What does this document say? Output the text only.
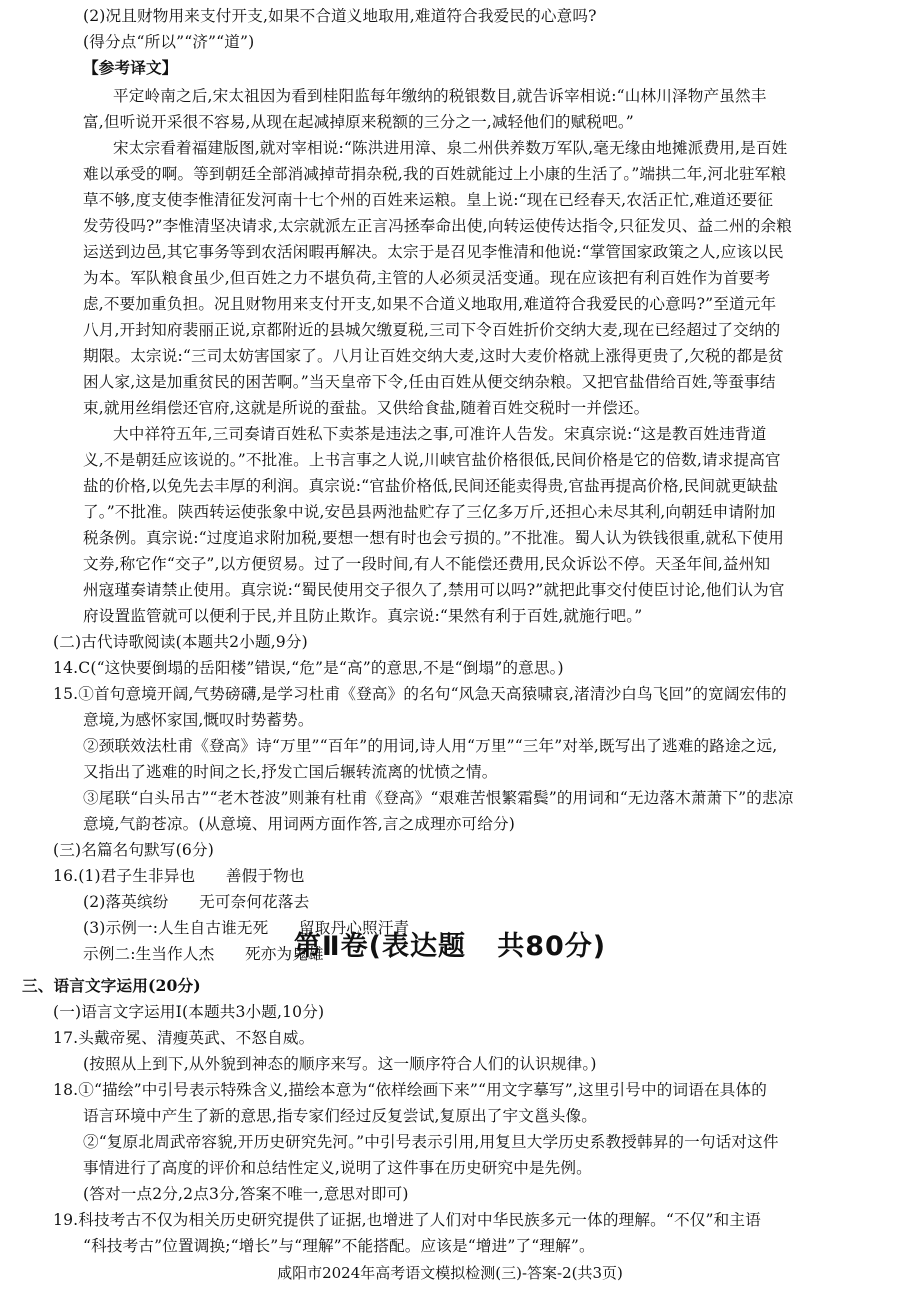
(2)况且财物用来支付开支,如果不合道义地取用,难道符合我爱民的心意吗?
(得分点“所以”“济”“道”)
【参考译文】
平定岭南之后,宋太祖因为看到桂阳监每年缴纳的税银数目,就告诉宰相说:“山林川泽物产虽然丰
富,但听说开采很不容易,从现在起减掉原来税额的三分之一,减轻他们的赋税吧。”
宋太宗看着福建版图,就对宰相说:“陈洪进用漳、泉二州供养数万军队,毫无缘由地摊派费用,是百姓
难以承受的啊。等到朝廷全部消减掉苛捐杂税,我的百姓就能过上小康的生活了。”端拱二年,河北驻军粮
草不够,度支使李惟清征发河南十七个州的百姓来运粮。皇上说:“现在已经春天,农活正忙,难道还要征
发劳役吗?”李惟清坚决请求,太宗就派左正言冯拯奉命出使,向转运使传达指令,只征发贝、益二州的余粮
运送到边邑,其它事务等到农活闲暇再解决。太宗于是召见李惟清和他说:“掌管国家政策之人,应该以民
为本。军队粮食虽少,但百姓之力不堪负荷,主管的人必须灵活变通。现在应该把有利百姓作为首要考
虑,不要加重负担。况且财物用来支付开支,如果不合道义地取用,难道符合我爱民的心意吗?”至道元年
八月,开封知府裴丽正说,京都附近的县城欠缴夏税,三司下令百姓折价交纳大麦,现在已经超过了交纳的
期限。太宗说:“三司太妨害国家了。八月让百姓交纳大麦,这时大麦价格就上涨得更贵了,欠税的都是贫
困人家,这是加重贫民的困苦啊。”当天皇帝下令,任由百姓从便交纳杂粮。又把官盐借给百姓,等蚕事结
束,就用丝绢偿还官府,这就是所说的蚕盐。又供给食盐,随着百姓交税时一并偿还。
大中祥符五年,三司奏请百姓私下卖茶是违法之事,可准许人告发。宋真宗说:“这是教百姓违背道
义,不是朝廷应该说的。”不批准。上书言事之人说,川峡官盐价格很低,民间价格是它的倍数,请求提高官
盐的价格,以免先去丰厚的利润。真宗说:“官盐价格低,民间还能卖得贵,官盐再提高价格,民间就更缺盐
了。”不批准。陕西转运使张象中说,安邑县两池盐贮存了三亿多万斤,还担心未尽其利,向朝廷申请附加
税条例。真宗说:“过度追求附加税,要想一想有时也会亏损的。”不批准。蜀人认为铁钱很重,就私下使用
文券,称它作“交子”,以方便贸易。过了一段时间,有人不能偿还费用,民众诉讼不停。天圣年间,益州知
州寇瑾奏请禁止使用。真宗说:“蜀民使用交子很久了,禁用可以吗?”就把此事交付使臣讨论,他们认为官
府设置监管就可以便利于民,并且防止欺诈。真宗说:“果然有利于百姓,就施行吧。”
(二)古代诗歌阅读(本题共2小题,9分)
14.C(“这快要倒塌的岳阳楼”错误,“危”是“高”的意思,不是“倒塌”的意思。)
15.①首句意境开阔,气势磅礴,是学习杜甫《登高》的名句“风急天高猿啸哀,渚清沙白鸟飞回”的宽阔宏伟的
意境,为感怀家国,慨叹时势蓄势。
②颈联效法杜甫《登高》诗“万里”“百年”的用词,诗人用“万里”“三年”对举,既写出了逃难的路途之远,
又指出了逃难的时间之长,抒发亡国后辗转流离的忧愤之情。
③尾联“白头吊古”“老木苍波”则兼有杜甫《登高》“艰难苦恨繁霜鬓”的用词和“无边落木萧萧下”的悲凉
意境,气韵苍凉。(从意境、用词两方面作答,言之成理亦可给分)
(三)名篇名句默写(6分)
16.(1)君子生非异也      善假于物也
(2)落英缤纷      无可奈何花落去
(3)示例一:人生自古谁无死      留取丹心照汗青
示例二:生当作人杰      死亦为鬼雄
第Ⅱ卷(表达题   共80分)
三、语言文字运用(20分)
(一)语言文字运用Ⅰ(本题共3小题,10分)
17.头戴帝冕、清瘦英武、不怒自威。
(按照从上到下,从外貌到神态的顺序来写。这一顺序符合人们的认识规律。)
18.①“描绘”中引号表示特殊含义,描绘本意为“依样绘画下来”“用文字摹写”,这里引号中的词语在具体的
语言环境中产生了新的意思,指专家们经过反复尝试,复原出了宇文邕头像。
②“复原北周武帝容貌,开历史研究先河。”中引号表示引用,用复旦大学历史系教授韩昇的一句话对这件
事情进行了高度的评价和总结性定义,说明了这件事在历史研究中是先例。
(答对一点2分,2点3分,答案不唯一,意思对即可)
19.科技考古不仅为相关历史研究提供了证据,也增进了人们对中华民族多元一体的理解。“不仅”和主语
“科技考古”位置调换;“增长”与“理解”不能搭配。应该是“增进”了“理解”。
咸阳市2024年高考语文模拟检测(三)-答案-2(共3页)
